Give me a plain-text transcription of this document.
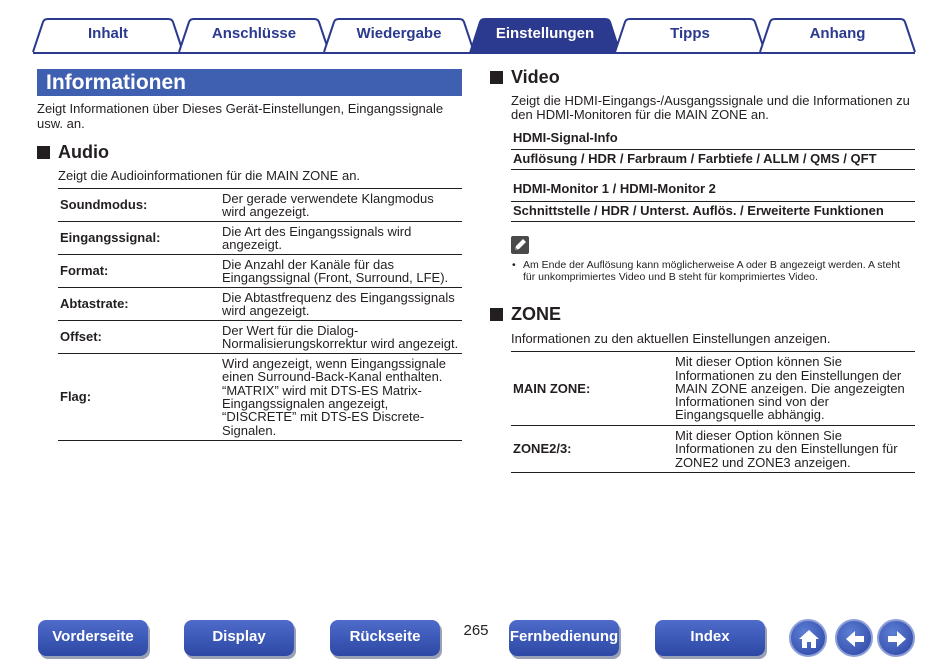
Inhalt	Anschlüsse	Wiedergabe	Einstellungen	Tipps	Anhang
Informationen
Zeigt Informationen über Dieses Gerät-Einstellungen, Eingangssignale usw. an.
Audio
Zeigt die Audioinformationen für die MAIN ZONE an.
Soundmodus:	Der gerade verwendete Klangmodus wird angezeigt.
Eingangssignal:	Die Art des Eingangssignals wird angezeigt.
Format:	Die Anzahl der Kanäle für das Eingangssignal (Front, Surround, LFE).
Abtastrate:	Die Abtastfrequenz des Eingangssignals wird angezeigt.
Offset:	Der Wert für die Dialog-Normalisierungskorrektur wird angezeigt.
Flag:	Wird angezeigt, wenn Eingangssignale einen Surround-Back-Kanal enthalten. “MATRIX” wird mit DTS-ES Matrix-Eingangssignalen angezeigt, “DISCRETE” mit DTS-ES Discrete-Signalen.
Video
Zeigt die HDMI-Eingangs-/Ausgangssignale und die Informationen zu den HDMI-Monitoren für die MAIN ZONE an.
HDMI-Signal-Info
Auflösung / HDR / Farbraum / Farbtiefe / ALLM / QMS / QFT
HDMI-Monitor 1 / HDMI-Monitor 2
Schnittstelle / HDR / Unterst. Auflös. / Erweiterte Funktionen
• Am Ende der Auflösung kann möglicherweise A oder B angezeigt werden. A steht für unkomprimiertes Video und B steht für komprimiertes Video.
ZONE
Informationen zu den aktuellen Einstellungen anzeigen.
MAIN ZONE:	Mit dieser Option können Sie Informationen zu den Einstellungen der MAIN ZONE anzeigen. Die angezeigten Informationen sind von der Eingangsquelle abhängig.
ZONE2/3:	Mit dieser Option können Sie Informationen zu den Einstellungen für ZONE2 und ZONE3 anzeigen.
Vorderseite	Display	Rückseite	265 Fernbedienung	Index
